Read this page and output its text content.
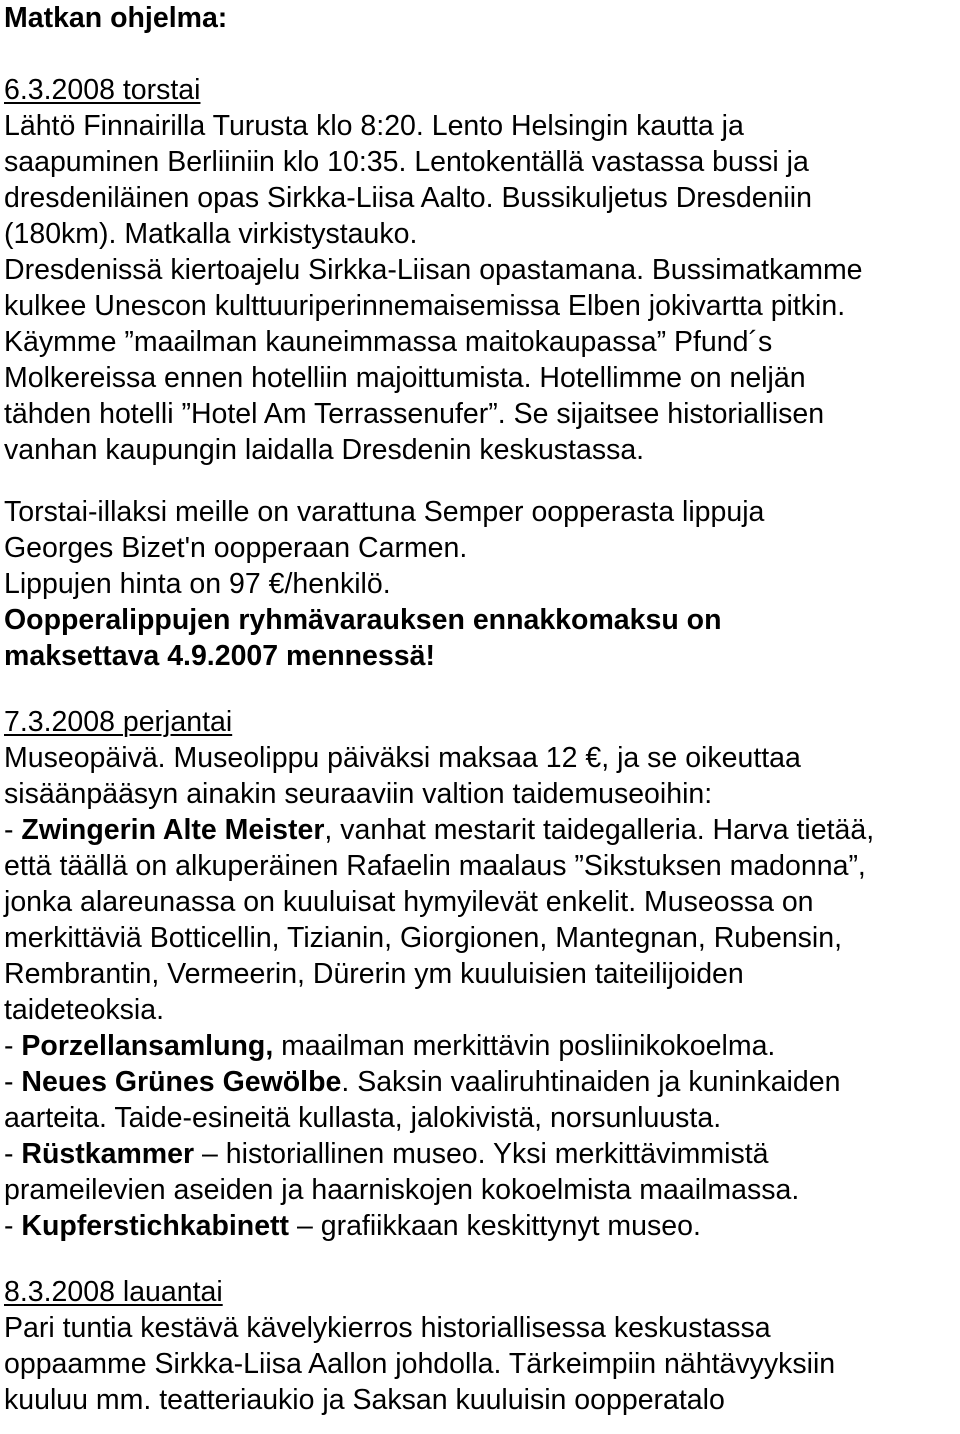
Matkan ohjelma:
6.3.2008 torstai

Lähtö Finnairilla Turusta klo 8:20. Lento Helsingin kautta ja
saapuminen Berliiniin klo 10:35. Lentokentällä vastassa bussi ja
dresdeniläinen opas Sirkka-Liisa Aalto. Bussikuljetus Dresdeniin
(180km). Matkalla virkistystauko.
Dresdenissä kiertoajelu Sirkka-Liisan opastamana. Bussimatkamme
kulkee Unescon kulttuuriperinnemaisemissa Elben jokivartta pitkin.
Käymme ”maailman kauneimmassa maitokaupassa” Pfund´s
Molkereissa ennen hotelliin majoittumista. Hotellimme on neljän
tähden hotelli ”Hotel Am Terrassenufer”. Se sijaitsee historiallisen
vanhan kaupungin laidalla Dresdenin keskustassa.

Torstai-illaksi meille on varattuna Semper oopperasta lippuja
Georges Bizet'n oopperaan Carmen.
Lippujen hinta on 97 €/henkilö.

Oopperalippujen ryhmävarauksen ennakkomaksu on
maksettava 4.9.2007 mennessä!

7.3.2008 perjantai

Museopäivä. Museolippu päiväksi maksaa 12 €, ja se oikeuttaa
sisäänpääsyn ainakin seuraaviin valtion taidemuseoihin:

- Zwingerin Alte Meister, vanhat mestarit taidegalleria. Harva tietää,
että täällä on alkuperäinen Rafaelin maalaus ”Sikstuksen madonna”,
jonka alareunassa on kuuluisat hymyilevät enkelit. Museossa on
merkittäviä Botticellin, Tizianin, Giorgionen, Mantegnan, Rubensin,
Rembrantin, Vermeerin, Dürerin ym kuuluisien taiteilijoiden
taideteoksia.
- Porzellansamlung, maailman merkittävin posliinikokoelma.
- Neues Grünes Gewölbe. Saksin vaaliruhtinaiden ja kuninkaiden
aarteita. Taide-esineitä kullasta, jalokivistä, norsunluusta.
- Rüstkammer – historiallinen museo. Yksi merkittävimmistä
prameilevien aseiden ja haarniskojen kokoelmista maailmassa.
- Kupferstichkabinett – grafiikkaan keskittynyt museo.
8.3.2008 lauantai

Pari tuntia kestävä kävelykierros historiallisessa keskustassa
oppaamme Sirkka-Liisa Aallon johdolla. Tärkeimpiin nähtävyyksiin
kuuluu mm. teatteriaukio ja Saksan kuuluisin oopperatalo
